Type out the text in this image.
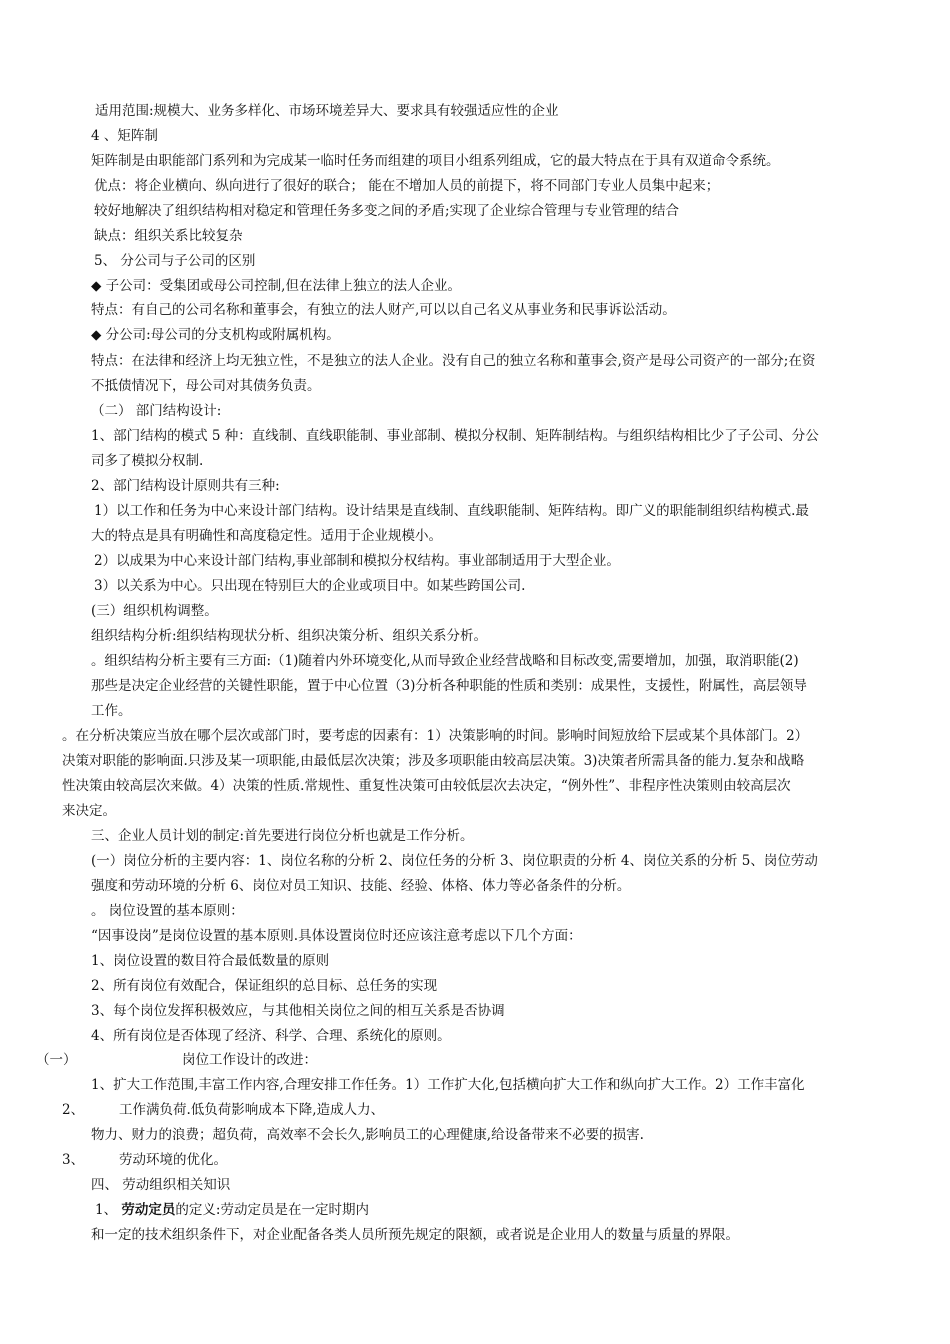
适用范围:规模大、业务多样化、市场环境差异大、要求具有较强适应性的企业
4 、矩阵制
矩阵制是由职能部门系列和为完成某一临时任务而组建的项目小组系列组成，它的最大特点在于具有双道命令系统。
优点：将企业横向、纵向进行了很好的联合； 能在不增加人员的前提下，将不同部门专业人员集中起来；
较好地解决了组织结构相对稳定和管理任务多变之间的矛盾;实现了企业综合管理与专业管理的结合
缺点：组织关系比较复杂
5、 分公司与子公司的区别
◆ 子公司：受集团或母公司控制,但在法律上独立的法人企业。
特点：有自己的公司名称和董事会，有独立的法人财产,可以以自己名义从事业务和民事诉讼活动。
◆ 分公司:母公司的分支机构或附属机构。
特点：在法律和经济上均无独立性，不是独立的法人企业。没有自己的独立名称和董事会,资产是母公司资产的一部分;在资
不抵债情况下，母公司对其债务负责。
（二） 部门结构设计:
1、部门结构的模式 5 种：直线制、直线职能制、事业部制、模拟分权制、矩阵制结构。与组织结构相比少了子公司、分公
司多了模拟分权制.
2、部门结构设计原则共有三种:
1）以工作和任务为中心来设计部门结构。设计结果是直线制、直线职能制、矩阵结构。即广义的职能制组织结构模式.最
大的特点是具有明确性和高度稳定性。适用于企业规模小。
2）以成果为中心来设计部门结构,事业部制和模拟分权结构。事业部制适用于大型企业。
3）以关系为中心。只出现在特别巨大的企业或项目中。如某些跨国公司.
(三）组织机构调整。
组织结构分析:组织结构现状分析、组织决策分析、组织关系分析。
。组织结构分析主要有三方面:（1)随着内外环境变化,从而导致企业经营战略和目标改变,需要增加，加强，取消职能(2)
那些是决定企业经营的关键性职能，置于中心位置（3)分析各种职能的性质和类别：成果性，支援性，附属性，高层领导
工作。
。在分析决策应当放在哪个层次或部门时，要考虑的因素有：1）决策影响的时间。影响时间短放给下层或某个具体部门。2）
决策对职能的影响面.只涉及某一项职能,由最低层次决策；涉及多项职能由较高层决策。3)决策者所需具备的能力.复杂和战略
性决策由较高层次来做。4）决策的性质.常规性、重复性决策可由较低层次去决定，“例外性”、非程序性决策则由较高层次
来决定。
三、企业人员计划的制定:首先要进行岗位分析也就是工作分析。
(一）岗位分析的主要内容：1、岗位名称的分析 2、岗位任务的分析 3、岗位职责的分析 4、岗位关系的分析 5、岗位劳动
强度和劳动环境的分析 6、岗位对员工知识、技能、经验、体格、体力等必备条件的分析。
。 岗位设置的基本原则：
“因事设岗”是岗位设置的基本原则.具体设置岗位时还应该注意考虑以下几个方面：
1、岗位设置的数目符合最低数量的原则
2、所有岗位有效配合，保证组织的总目标、总任务的实现
3、每个岗位发挥积极效应，与其他相关岗位之间的相互关系是否协调
4、所有岗位是否体现了经济、科学、合理、系统化的原则。
（一）	岗位工作设计的改进：
1、扩大工作范围,丰富工作内容,合理安排工作任务。1）工作扩大化,包括横向扩大工作和纵向扩大工作。2）工作丰富化
2、	工作满负荷.低负荷影响成本下降,造成人力、
物力、财力的浪费；超负荷，高效率不会长久,影响员工的心理健康,给设备带来不必要的损害.
3、	劳动环境的优化。
四、 劳动组织相关知识
1、 劳动定员的定义:劳动定员是在一定时期内
和一定的技术组织条件下，对企业配备各类人员所预先规定的限额，或者说是企业用人的数量与质量的界限。
